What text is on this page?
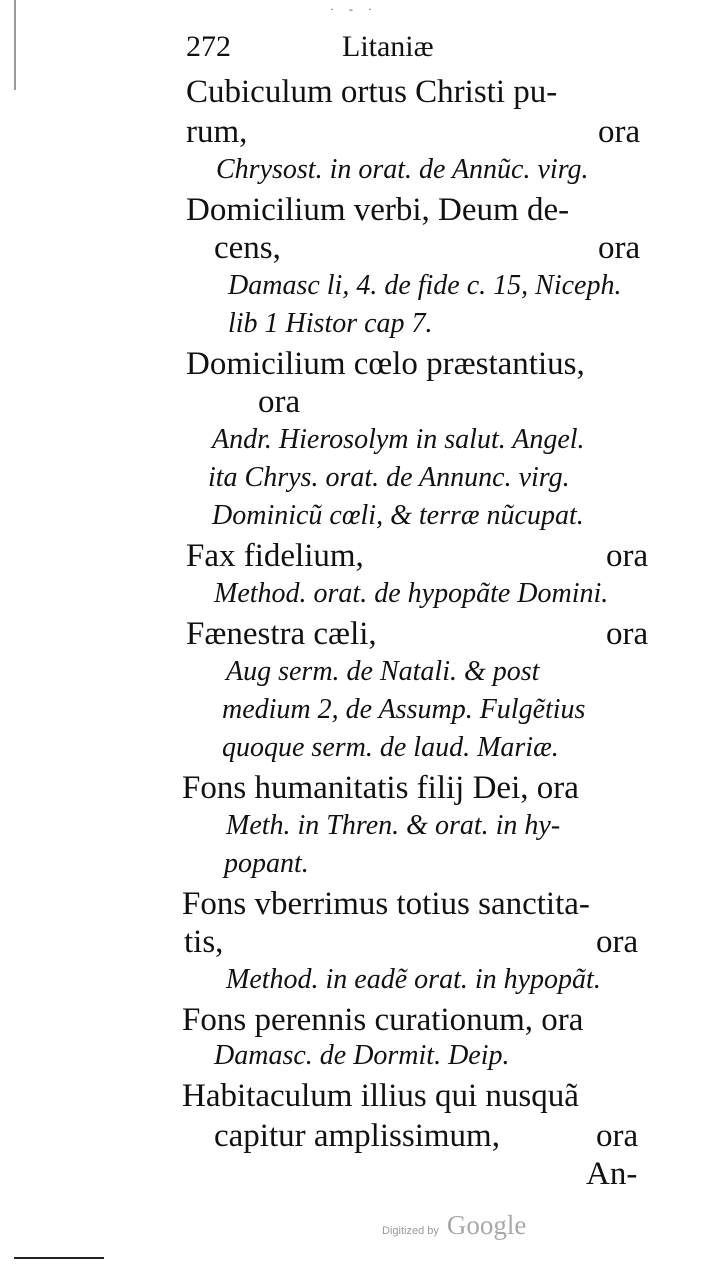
· - ·
272	Litaniæ
Cubiculum ortus Christi pu-
rum,	ora
Chrysost. in orat. de Annũc. virg.
Domicilium verbi, Deum de-
cens,	ora
Damasc li, 4. de fide c. 15, Niceph.
lib 1 Histor cap 7.
Domicilium cœlo præstantius,
ora
Andr. Hierosolym in salut. Angel.
ita Chrys. orat. de Annunc. virg.
Dominicũ cœli, & terræ nũcupat.
Fax fidelium,	ora
Method. orat. de hypopãte Domini.
Fænestra cæli,	ora
Aug serm. de Natali. & post
medium 2, de Assump. Fulgẽtius
quoque serm. de laud. Mariæ.
Fons humanitatis filij Dei, ora
Meth. in Thren. & orat. in hy-
popant.
Fons vberrimus totius sanctita-
tis,	ora
Method. in eadẽ orat. in hypopãt.
Fons perennis curationum, ora
Damasc. de Dormit. Deip.
Habitaculum illius qui nusquã
capitur amplissimum,	ora
An-
Digitized by Google
